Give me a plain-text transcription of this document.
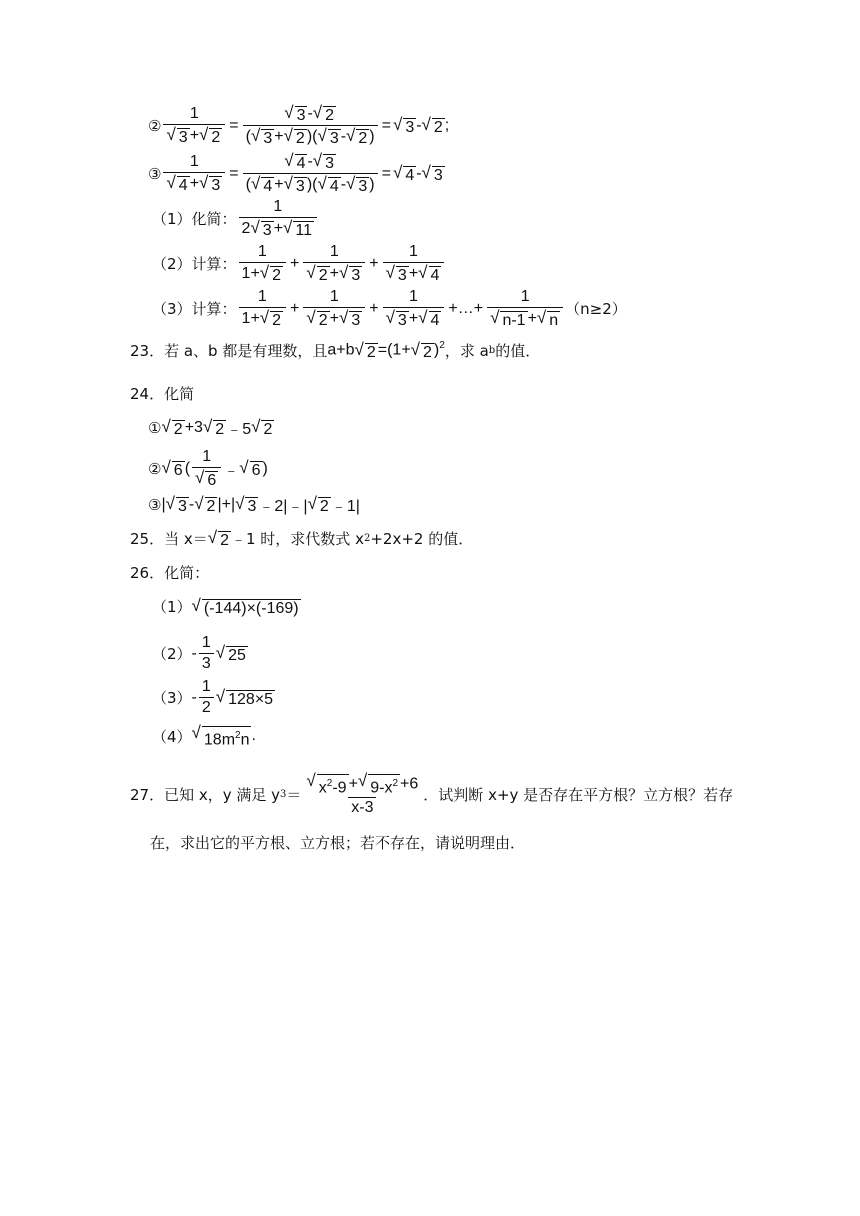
② $\frac{1}{√ 3 + √ 2} = \frac{√ 3 - √ 2}{( √ 3 + √ 2 )( √ 3 - √ 2 )}$ = √ 3 - √ 2 ;
③ $\frac{1}{√ 4 + √ 3} = \frac{√ 4 - √ 3}{( √ 4 + √ 3 )( √ 4 - √ 3 )}$ = √ 4 - √ 3
（1）化简： $\frac{1}{2 √ 3 + √ 11}$
（2）计算： $\frac{1}{1+ √ 2} + \frac{1}{√ 2 + √ 3} + \frac{1}{√ 3 + √ 4}$
（3）计算： $\frac{1}{1+ √ 2} + \frac{1}{√ 2 + √ 3} + \frac{1}{√ 3 + √ 4}$ +…+ $\frac{1}{√ n-1 + √ n} (n\ge 2)$
23． 若 a、b 都是有理数，且 a+b √ 2 =(1+ √ 2 )$^2$ ，求 a b 的值．
24． 化简
① √ 2 +3 √ 2 ﹣5 √ 2
② √ 6 ( $\frac{1}{√ 6}$ ﹣ √ 6 )
③ | √ 3 - √ 2 |+| √ 3 ﹣2|﹣| √ 2 ﹣1|
25． 当 x＝ √ 2 ﹣1 时，求代数式 x 2 +2x+2 的值．
26． 化简：
（1） √ (-144)×(-169)
$(2) - \frac{1}{3}$ √ 25
$(3) - \frac{1}{2}$ √ 128×5
（4） √ $18m^2n$ .
27． 已知 x，y 满足 y $3 = \frac{√ x^2-9 + √ 9-x^2 +6}{x-3}$ ．试判断 x+y 是否存在平方根？立方根？若存
在，求出它的平方根、立方根；若不存在，请说明理由．
